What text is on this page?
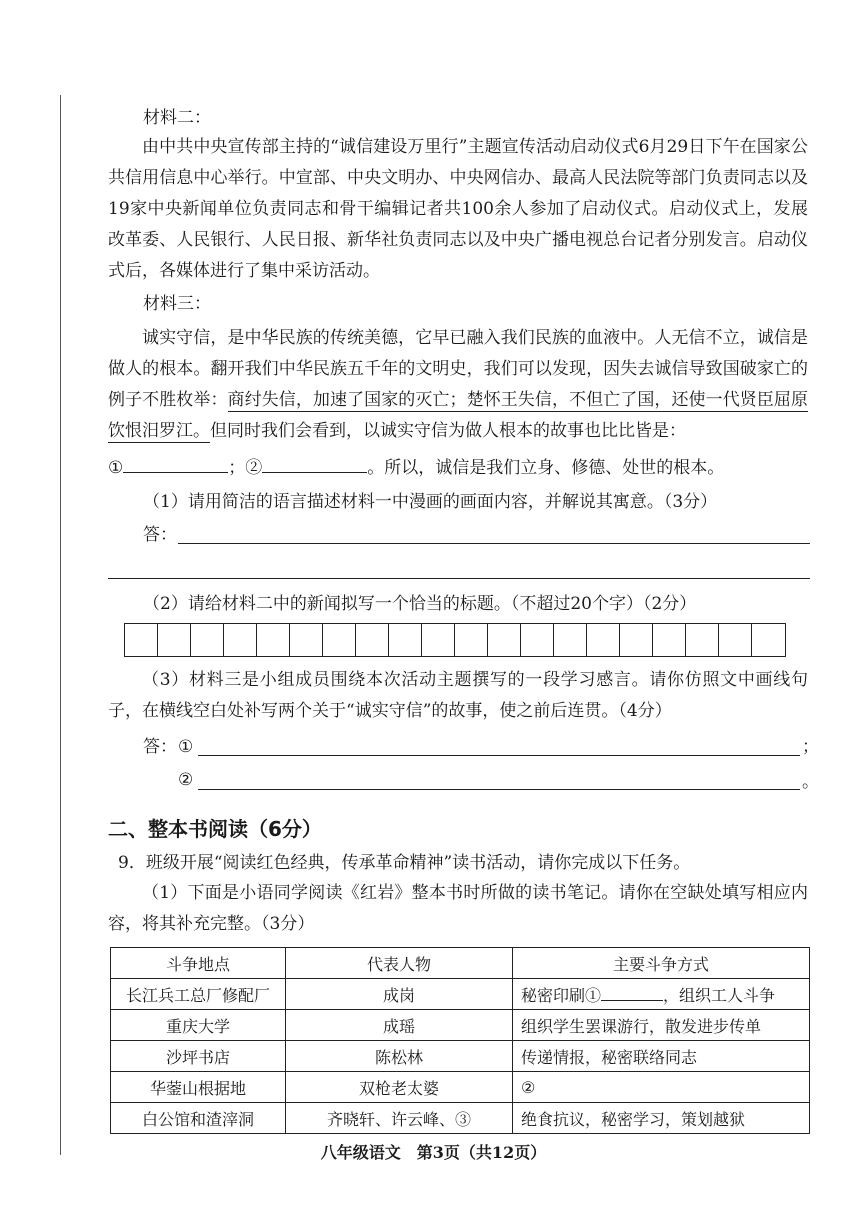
材料二：
由中共中央宣传部主持的“诚信建设万里行”主题宣传活动启动仪式6月29日下午在国家公共信用信息中心举行。中宣部、中央文明办、中央网信办、最高人民法院等部门负责同志以及19家中央新闻单位负责同志和骨干编辑记者共100余人参加了启动仪式。启动仪式上，发展改革委、人民银行、人民日报、新华社负责同志以及中央广播电视总台记者分别发言。启动仪式后，各媒体进行了集中采访活动。
材料三：
诚实守信，是中华民族的传统美德，它早已融入我们民族的血液中。人无信不立，诚信是做人的根本。翻开我们中华民族五千年的文明史，我们可以发现，因失去诚信导致国破家亡的例子不胜枚举：商纣失信，加速了国家的灭亡；楚怀王失信，不但亡了国，还使一代贤臣屈原饮恨汨罗江。但同时我们会看到，以诚实守信为做人根本的故事也比比皆是：
①	；②	。所以，诚信是我们立身、修德、处世的根本。
（1）请用简洁的语言描述材料一中漫画的画面内容，并解说其寓意。（3分）
答：
（2）请给材料二中的新闻拟写一个恰当的标题。（不超过20个字）（2分）
（3）材料三是小组成员围绕本次活动主题撰写的一段学习感言。请你仿照文中画线句子，在横线空白处补写两个关于“诚实守信”的故事，使之前后连贯。（4分）
答： ①	；
②	。
二、整本书阅读（6分）
9．班级开展“阅读红色经典，传承革命精神”读书活动，请你完成以下任务。
（1）下面是小语同学阅读《红岩》整本书时所做的读书笔记。请你在空缺处填写相应内容，将其补充完整。（3分）
斗争地点	代表人物	主要斗争方式
长江兵工总厂修配厂	成岗	秘密印刷① ，组织工人斗争
重庆大学	成瑶	组织学生罢课游行，散发进步传单
沙坪书店	陈松林	传递情报，秘密联络同志
华蓥山根据地	双枪老太婆	②
白公馆和渣滓洞	齐晓轩、许云峰、③	绝食抗议，秘密学习，策划越狱
八年级语文　第3页（共12页）
